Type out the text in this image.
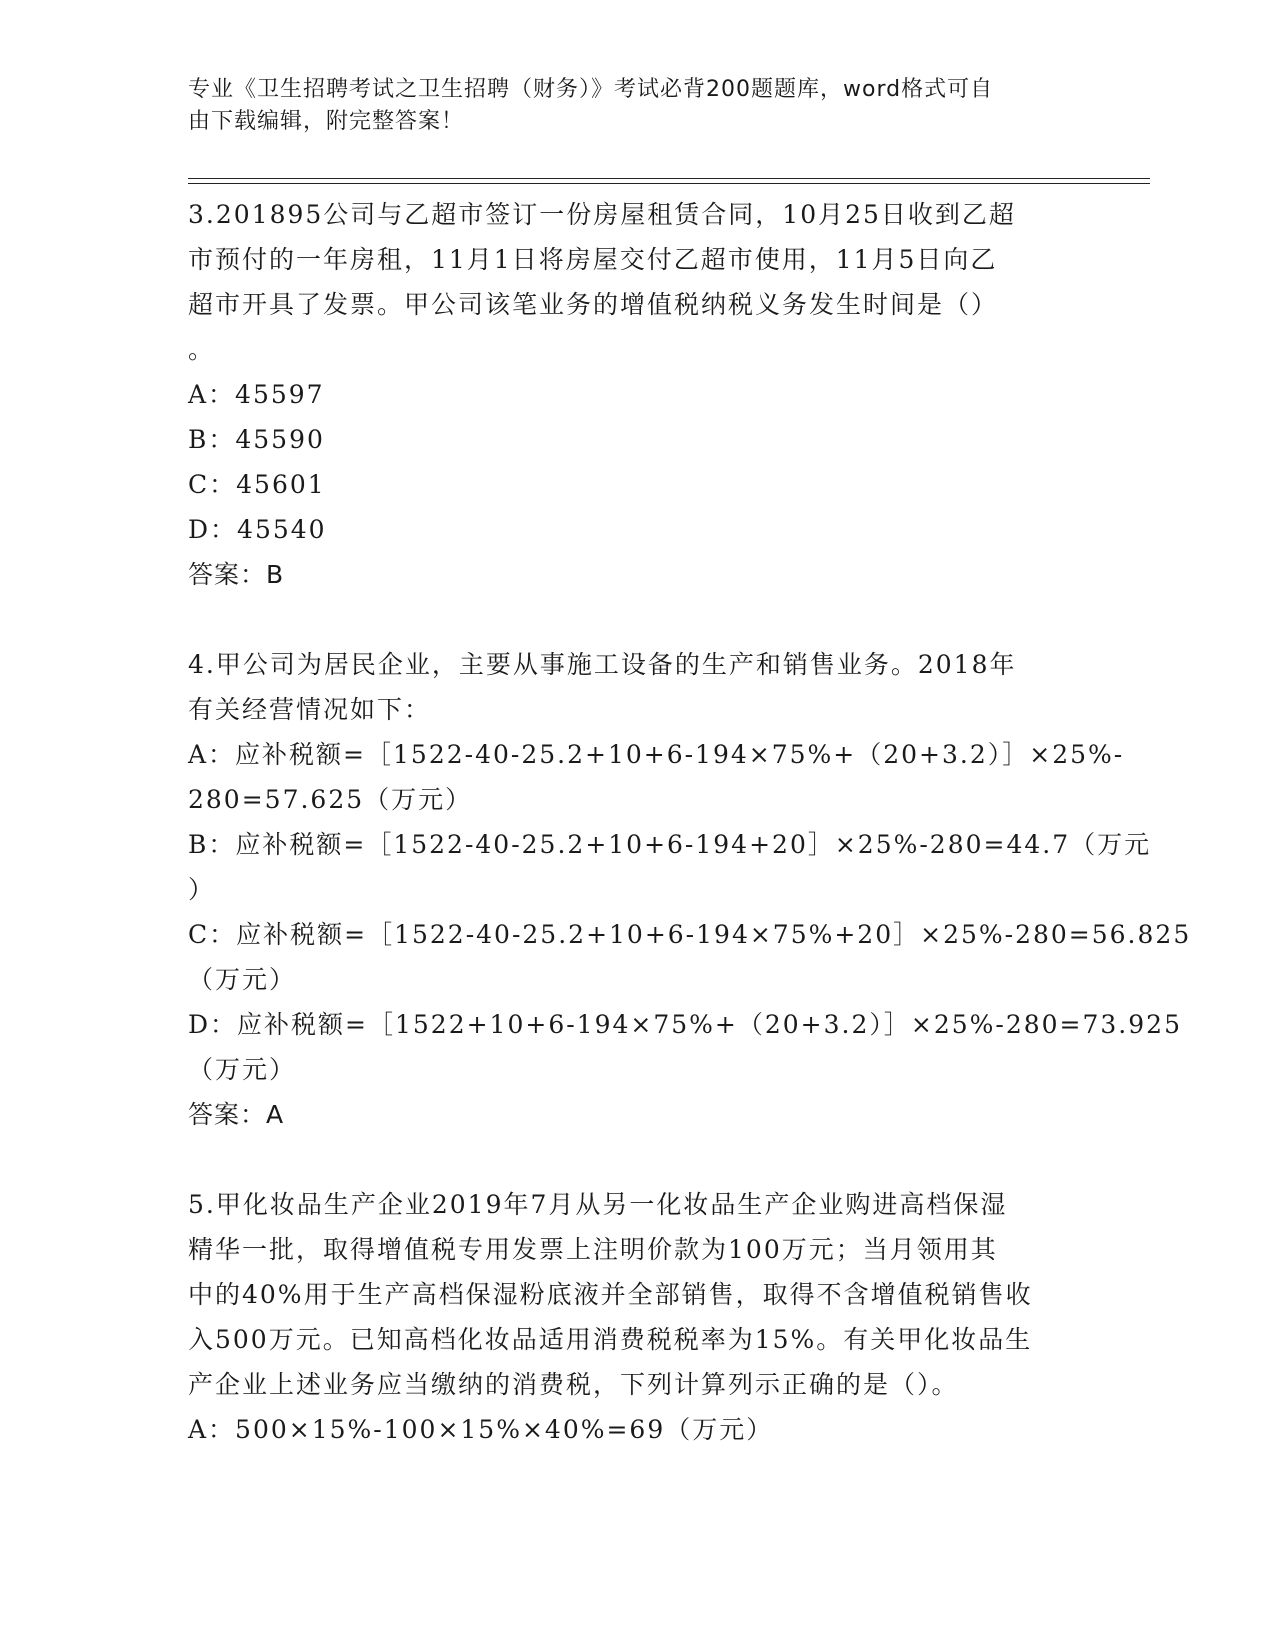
专业《卫生招聘考试之卫生招聘（财务）》考试必背200题题库，word格式可自
由下载编辑，附完整答案！
3.201895公司与乙超市签订一份房屋租赁合同，10月25日收到乙超
市预付的一年房租，11月1日将房屋交付乙超市使用，11月5日向乙
超市开具了发票。甲公司该笔业务的增值税纳税义务发生时间是（）
。
A：45597
B：45590
C：45601
D：45540
答案：B
4.甲公司为居民企业，主要从事施工设备的生产和销售业务。2018年
有关经营情况如下：
A：应补税额=［1522-40-25.2+10+6-194×75%+（20+3.2）］×25%-
280=57.625（万元）
B：应补税额=［1522-40-25.2+10+6-194+20］×25%-280=44.7（万元
）
C：应补税额=［1522-40-25.2+10+6-194×75%+20］×25%-280=56.825
（万元）
D：应补税额=［1522+10+6-194×75%+（20+3.2）］×25%-280=73.925
（万元）
答案：A
5.甲化妆品生产企业2019年7月从另一化妆品生产企业购进高档保湿
精华一批，取得增值税专用发票上注明价款为100万元；当月领用其
中的40%用于生产高档保湿粉底液并全部销售，取得不含增值税销售收
入500万元。已知高档化妆品适用消费税税率为15%。有关甲化妆品生
产企业上述业务应当缴纳的消费税，下列计算列示正确的是（）。
A：500×15%-100×15%×40%=69（万元）
